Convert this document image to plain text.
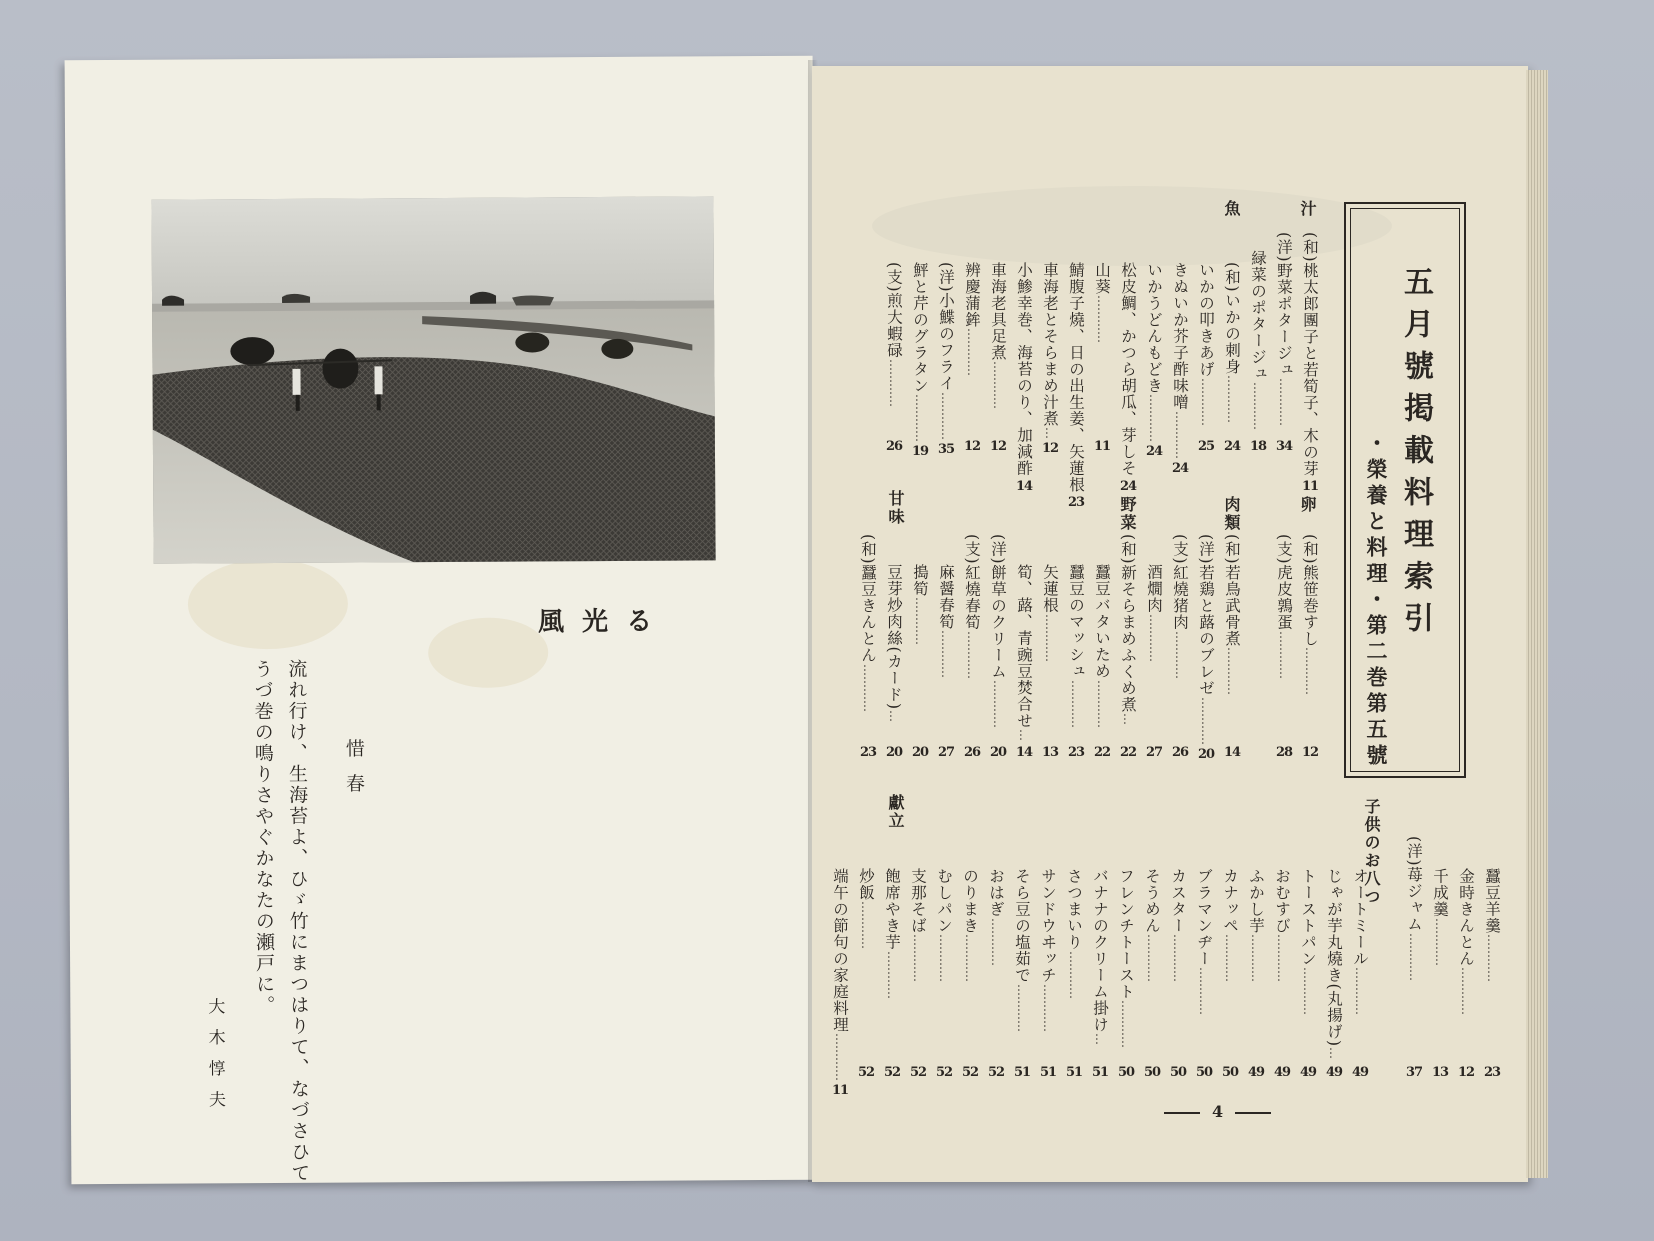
風光る
惜春
流れ行け、生海苔よ、ひゞ竹にまつはりて、なづさひて
うづ巻の鳴りさやぐかなたの瀬戸に。
大木惇夫
五月號掲載料理索引
・榮養と料理・第二巻第五號
汁
(和)桃太郎團子と若筍子、木の芽
11
(洋)野菜ポタージュ
…………
34
緑菜のポタージュ
…………
18
魚
(和)いかの刺身
…………
24
いかの叩きあげ
…………
25
きぬいか芥子酢味噌
…………
24
いかうどんもどき
…………
24
松皮鯛、かつら胡瓜、芽しそ
24
山葵
…………
11
鯖腹子燒、日の出生姜、矢蓮根
23
車海老とそらまめ汁煮
…
12
小鯵幸巻、海苔のり、加減酢
14
車海老具足煮
…………
12
辨慶蒲鉾
…………
12
(洋)小鰈のフライ
…………
35
鮃と芹のグラタン
…………
19
(支)煎大蝦碌
…………
26
卵
(和)熊笹巻すし
…………
12
(支)虎皮鶉蛋
…………
28
肉類
(和)若鳥武骨煮
…………
14
(洋)若鶏と蕗のブレゼ
…………
20
(支)紅燒猪肉
…………
26
酒燗肉
…………
27
野菜
(和)新そらまめふくめ煮
…
22
蠶豆バタいため
…………
22
蠶豆のマッシュ
…………
23
矢蓮根
…………
13
筍、蕗、青豌豆焚合せ
…
14
(洋)餅草のクリーム
…………
20
(支)紅燒春筍
…………
26
麻醤春筍
…………
27
搗筍
…………
20
豆芽炒肉絲(カード)
…
20
甘味
(和)蠶豆きんとん
…………
23
子供のお八つ	蠶豆羊羹
…………
23
金時きんとん
…………
12
千成羹
…………
13
(洋)苺ジャム
…………
37
オートミール
…………
49
じゃが芋丸燒き(丸揚げ)
…
49
トーストパン
…………
49
おむすび
…………
49
ふかし芋
…………
49
カナッペ
…………
50
ブラマンヂー
…………
50
カスター
…………
50
そうめん
…………
50
フレンチトースト
…………
50
バナナのクリーム掛け
…
51
さつまいり
…………
51
サンドウヰッチ
…………
51
そら豆の塩茹で
…………
51
おはぎ
…………
52
のりまき
…………
52
むしパン
…………
52
支那そば
…………
52
飽席やき芋
…………
52
炒飯
…………
52
獻立
端午の節句の家庭料理
…………
11
4
